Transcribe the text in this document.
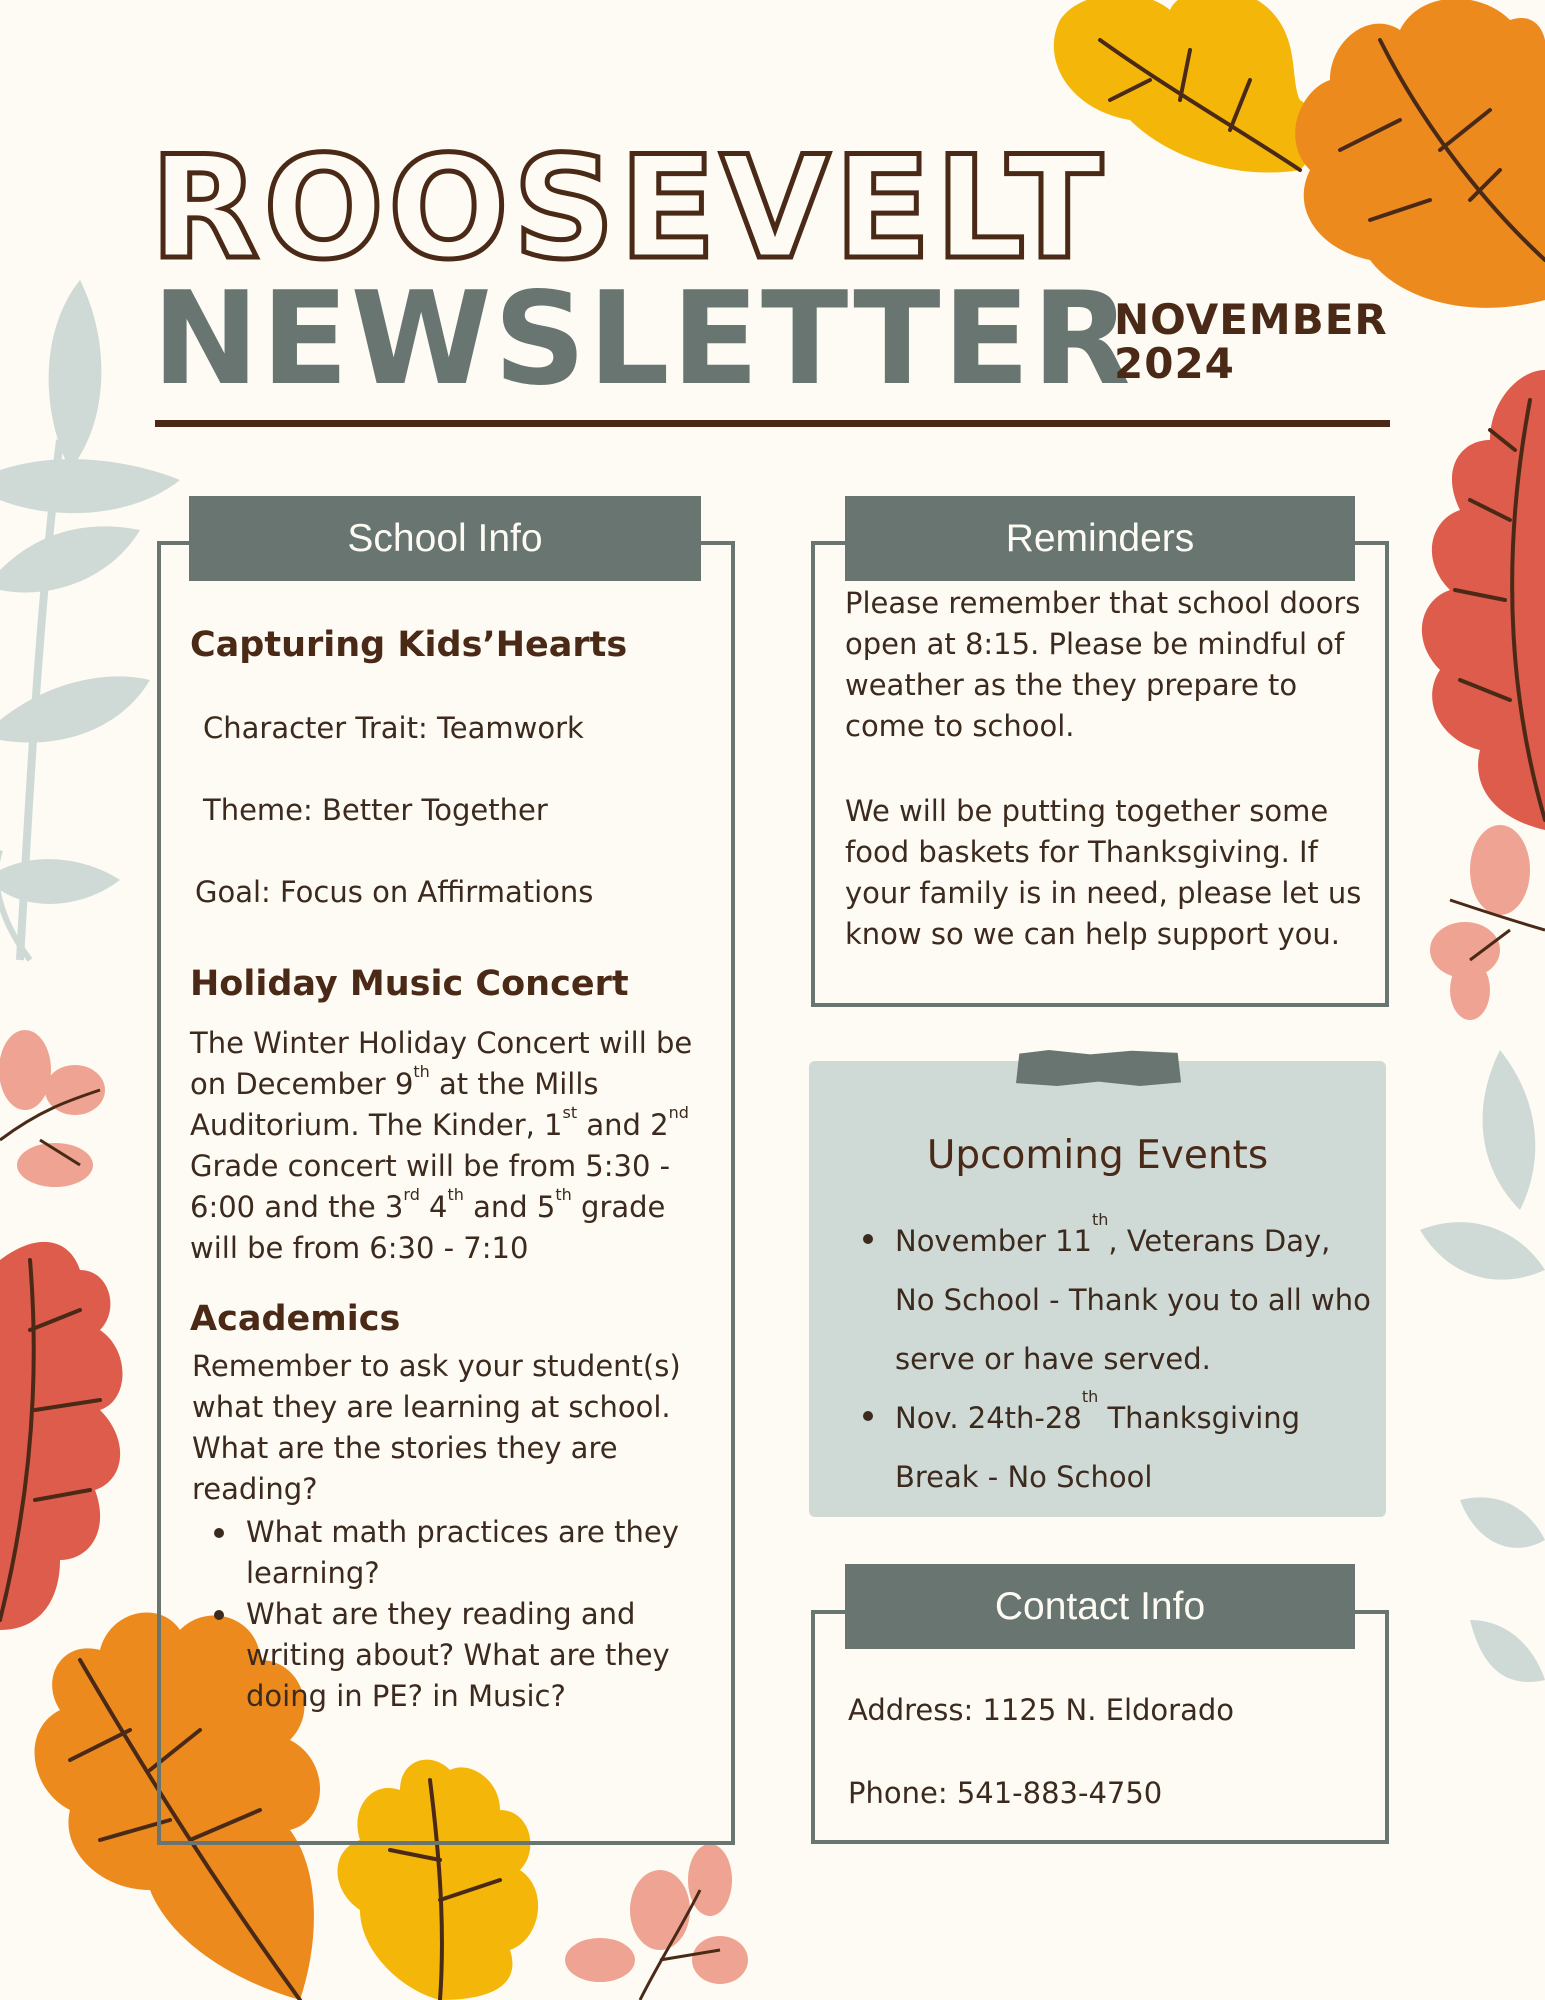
ROOSEVELT
NEWSLETTER
NOVEMBER
2024
School Info
Capturing Kids’Hearts

Character Trait: Teamwork

Theme: Better Together

Goal: Focus on Affirmations

Holiday Music Concert

The Winter Holiday Concert will be on December 9th at the Mills Auditorium. The Kinder, 1st and 2nd Grade concert will be from 5:30 - 6:00 and the 3rd 4th and 5th grade will be from 6:30 - 7:10

Academics

Remember to ask your student(s) what they are learning at school. What are the stories they are reading?

What math practices are they learning?
What are they reading and writing about? What are they doing in PE? in Music?
Reminders

Please remember that school doors open at 8:15. Please be mindful of weather as the they prepare to come to school.

We will be putting together some food baskets for Thanksgiving. If your family is in need, please let us know so we can help support you.

Upcoming Events
November 11th, Veterans Day, No School - Thank you to all who serve or have served.
Nov. 24th-28th Thanksgiving Break - No School
Contact Info

Address: 1125 N. Eldorado

Phone: 541-883-4750
